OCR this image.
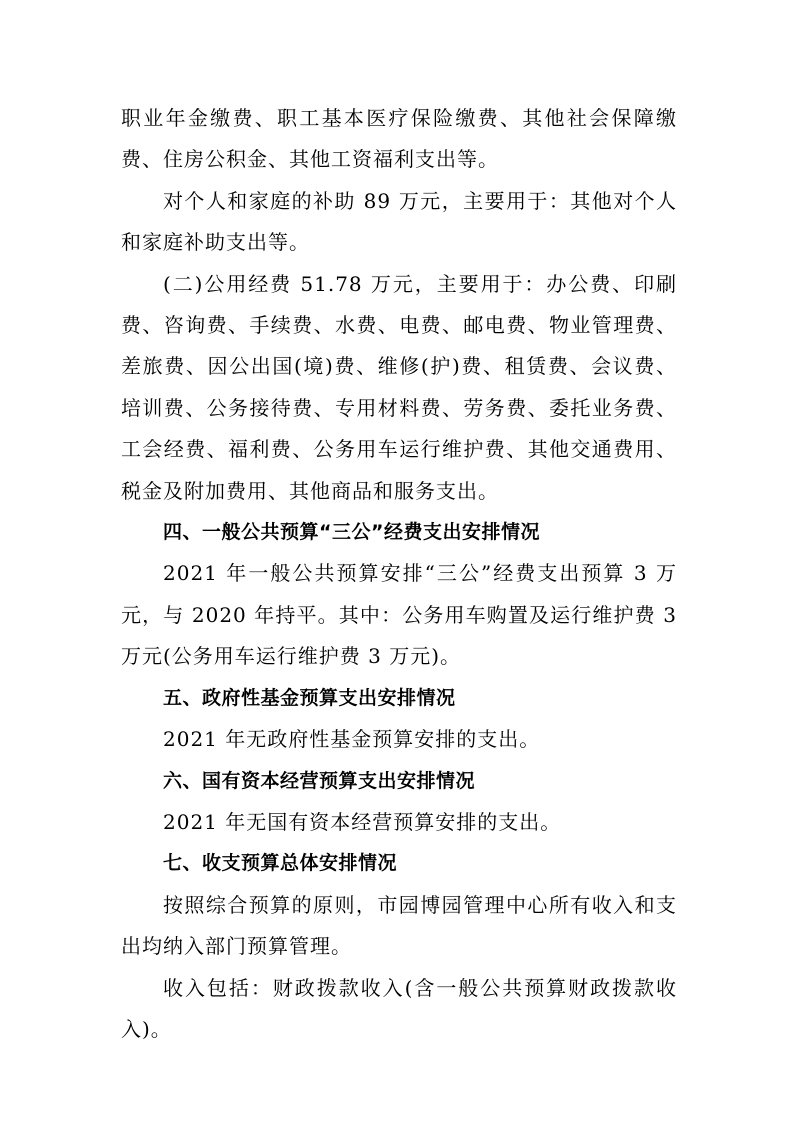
职业年金缴费、职工基本医疗保险缴费、其他社会保障缴费、住房公积金、其他工资福利支出等。

对个人和家庭的补助 89 万元，主要用于：其他对个人和家庭补助支出等。

(二)公用经费 51.78 万元，主要用于：办公费、印刷费、咨询费、手续费、水费、电费、邮电费、物业管理费、差旅费、因公出国(境)费、维修(护)费、租赁费、会议费、培训费、公务接待费、专用材料费、劳务费、委托业务费、工会经费、福利费、公务用车运行维护费、其他交通费用、税金及附加费用、其他商品和服务支出。

四、一般公共预算“三公”经费支出安排情况

2021 年一般公共预算安排“三公”经费支出预算 3 万元，与 2020 年持平。其中：公务用车购置及运行维护费 3 万元(公务用车运行维护费 3 万元)。

五、政府性基金预算支出安排情况

2021 年无政府性基金预算安排的支出。

六、国有资本经营预算支出安排情况

2021 年无国有资本经营预算安排的支出。

七、收支预算总体安排情况

按照综合预算的原则，市园博园管理中心所有收入和支出均纳入部门预算管理。

收入包括：财政拨款收入(含一般公共预算财政拨款收入)。
